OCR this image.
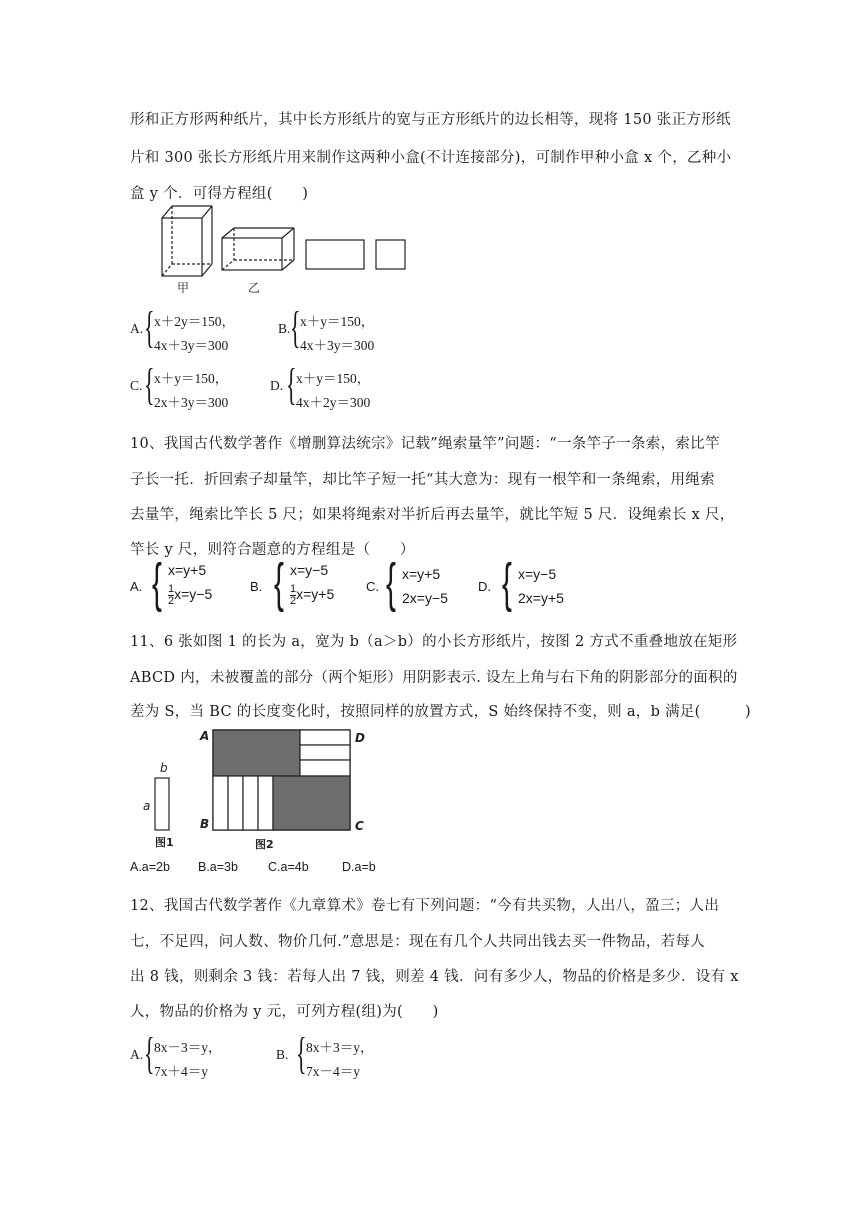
形和正方形两种纸片，其中长方形纸片的宽与正方形纸片的边长相等，现将 150 张正方形纸
片和 300 张长方形纸片用来制作这两种小盒(不计连接部分)，可制作甲种小盒 x 个，乙种小
盒 y 个．可得方程组(　　)
甲	乙
A. { x＋2y＝150，
4x＋3y＝300
B. { x＋y＝150，
4x＋3y＝300
C. { x＋y＝150，
2x＋3y＝300
D. { x＋y＝150，
4x＋2y＝300
10、我国古代数学著作《增删算法统宗》记载”绳索量竿”问题：“一条竿子一条索，索比竿
子长一托．折回索子却量竿，却比竿子短一托“其大意为：现有一根竿和一条绳索，用绳索
去量竿，绳索比竿长 5 尺；如果将绳索对半折后再去量竿，就比竿短 5 尺．设绳索长 x 尺，
竿长 y 尺，则符合题意的方程组是（　　）
A. { x=y+5
$\frac{1}{2} x=y-5$	B. { x=y−5
$\frac{1}{2} x=y+5$ C. { x=y+5
2x=y−5
D. { x=y−5
2x=y+5
11、6 张如图 1 的长为 a，宽为 b（a＞b）的小长方形纸片，按图 2 方式不重叠地放在矩形
ABCD 内，未被覆盖的部分（两个矩形）用阴影表示. 设左上角与右下角的阴影部分的面积的
差为 S，当 BC 的长度变化时，按照同样的放置方式，S 始终保持不变，则 a，b 满足(　　　)
b
a
图1
A	D
B	C
图2
A.a=2b B.a=3b C.a=4b	D.a=b
12、我国古代数学著作《九章算术》卷七有下列问题：“今有共买物，人出八，盈三；人出
七，不足四，问人数、物价几何.”意思是：现在有几个人共同出钱去买一件物品，若每人
出 8 钱，则剩余 3 钱：若每人出 7 钱，则差 4 钱．问有多少人，物品的价格是多少．设有 x
人，物品的价格为 y 元，可列方程(组)为(　　)
A. { 8x－3＝y，
7x＋4＝y
B. { 8x＋3＝y，
7x－4＝y
